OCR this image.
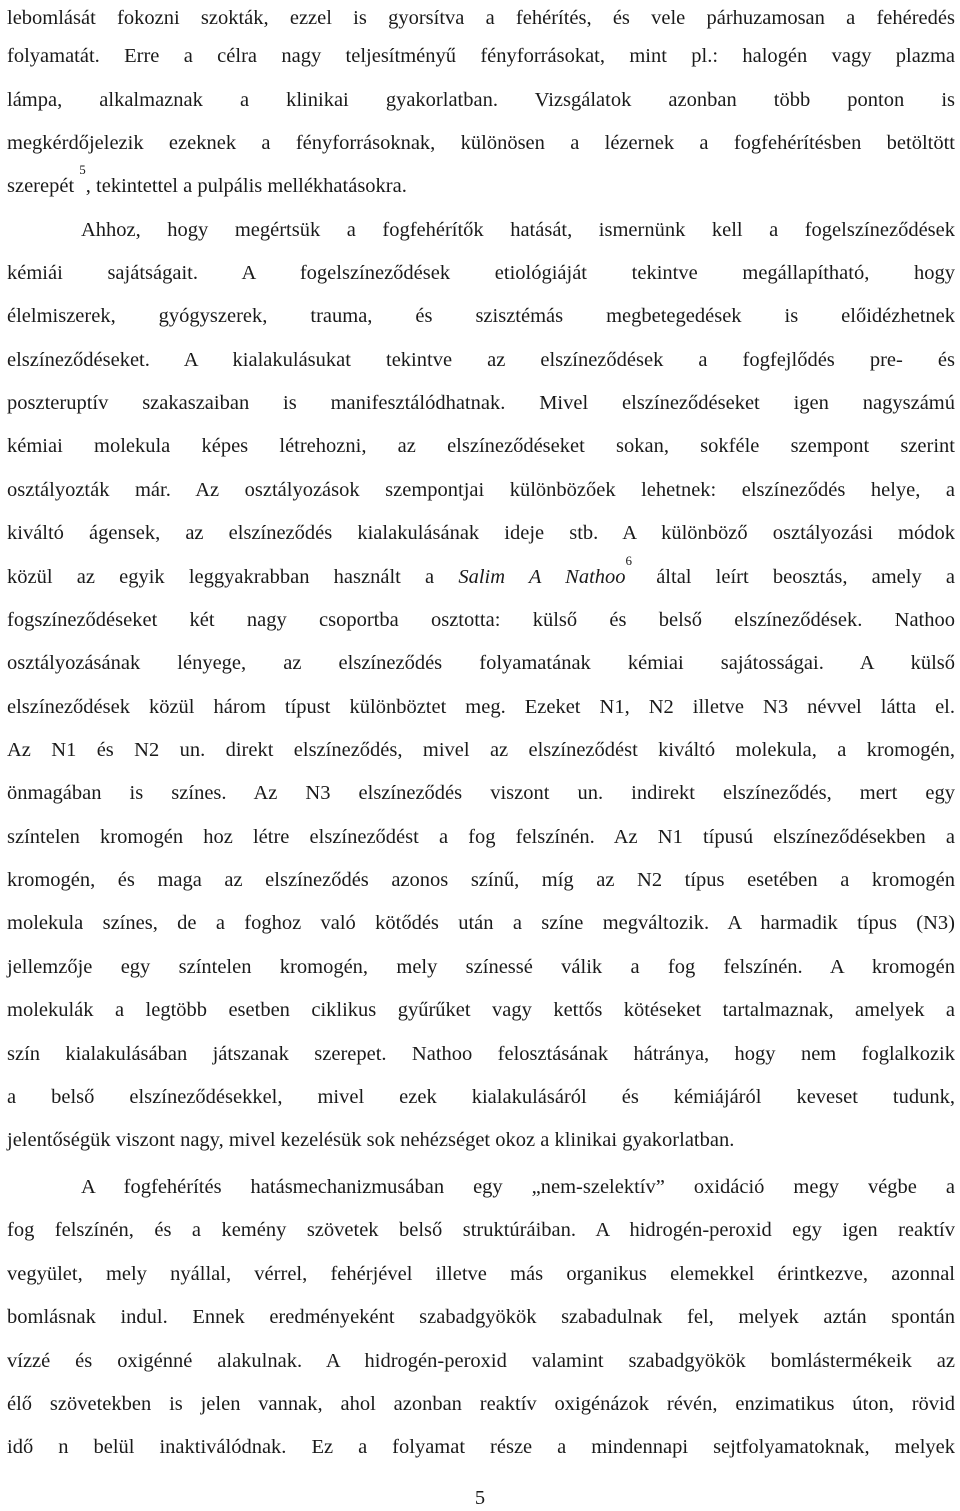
lebomlását fokozni szokták, ezzel is gyorsítva a fehérítés, és vele párhuzamosan a fehéredés
folyamatát. Erre a célra nagy teljesítményű fényforrásokat, mint pl.: halogén vagy plazma
lámpa, alkalmaznak a klinikai gyakorlatban. Vizsgálatok azonban több ponton is
megkérdőjelezik ezeknek a fényforrásoknak, különösen a lézernek a fogfehérítésben betöltött
szerepét $^5$, tekintettel a pulpális mellékhatásokra.
Ahhoz, hogy megértsük a fogfehérítők hatását, ismernünk kell a fogelszíneződések
kémiái sajátságait. A fogelszíneződések etiológiáját tekintve megállapítható, hogy
élelmiszerek, gyógyszerek, trauma, és szisztémás megbetegedések is előidézhetnek
elszíneződéseket. A kialakulásukat tekintve az elszíneződések a fogfejlődés pre- és
poszteruptív szakaszaiban is manifesztálódhatnak. Mivel elszíneződéseket igen nagyszámú
kémiai molekula képes létrehozni, az elszíneződéseket sokan, sokféle szempont szerint
osztályozták már. Az osztályozások szempontjai különbözőek lehetnek: elszíneződés helye, a
kiváltó ágensek, az elszíneződés kialakulásának ideje stb. A különböző osztályozási módok
közül az egyik leggyakrabban használt a Salim A Nathoo$^6$ által leírt beosztás, amely a
fogszíneződéseket két nagy csoportba osztotta: külső és belső elszíneződések. Nathoo
osztályozásának lényege, az elszíneződés folyamatának kémiai sajátosságai. A külső
elszíneződések közül három típust különböztet meg. Ezeket N1, N2 illetve N3 névvel látta el.
Az N1 és N2 un. direkt elszíneződés, mivel az elszíneződést kiváltó molekula, a kromogén,
önmagában is színes. Az N3 elszíneződés viszont un. indirekt elszíneződés, mert egy
színtelen kromogén hoz létre elszíneződést a fog felszínén. Az N1 típusú elszíneződésekben a
kromogén, és maga az elszíneződés azonos színű, míg az N2 típus esetében a kromogén
molekula színes, de a foghoz való kötődés után a színe megváltozik. A harmadik típus (N3)
jellemzője egy színtelen kromogén, mely színessé válik a fog felszínén. A kromogén
molekulák a legtöbb esetben ciklikus gyűrűket vagy kettős kötéseket tartalmaznak, amelyek a
szín kialakulásában játszanak szerepet. Nathoo felosztásának hátránya, hogy nem foglalkozik
a belső elszíneződésekkel, mivel ezek kialakulásáról és kémiájáról keveset tudunk,
jelentőségük viszont nagy, mivel kezelésük sok nehézséget okoz a klinikai gyakorlatban.
A fogfehérítés hatásmechanizmusában egy „nem-szelektív” oxidáció megy végbe a
fog felszínén, és a kemény szövetek belső struktúráiban. A hidrogén-peroxid egy igen reaktív
vegyület, mely nyállal, vérrel, fehérjével illetve más organikus elemekkel érintkezve, azonnal
bomlásnak indul. Ennek eredményeként szabadgyökök szabadulnak fel, melyek aztán spontán
vízzé és oxigénné alakulnak. A hidrogén-peroxid valamint szabadgyökök bomlástermékeik az
élő szövetekben is jelen vannak, ahol azonban reaktív oxigénázok révén, enzimatikus úton, rövid
idő n belül inaktiválódnak. Ez a folyamat része a mindennapi sejtfolyamatoknak, melyek
5
